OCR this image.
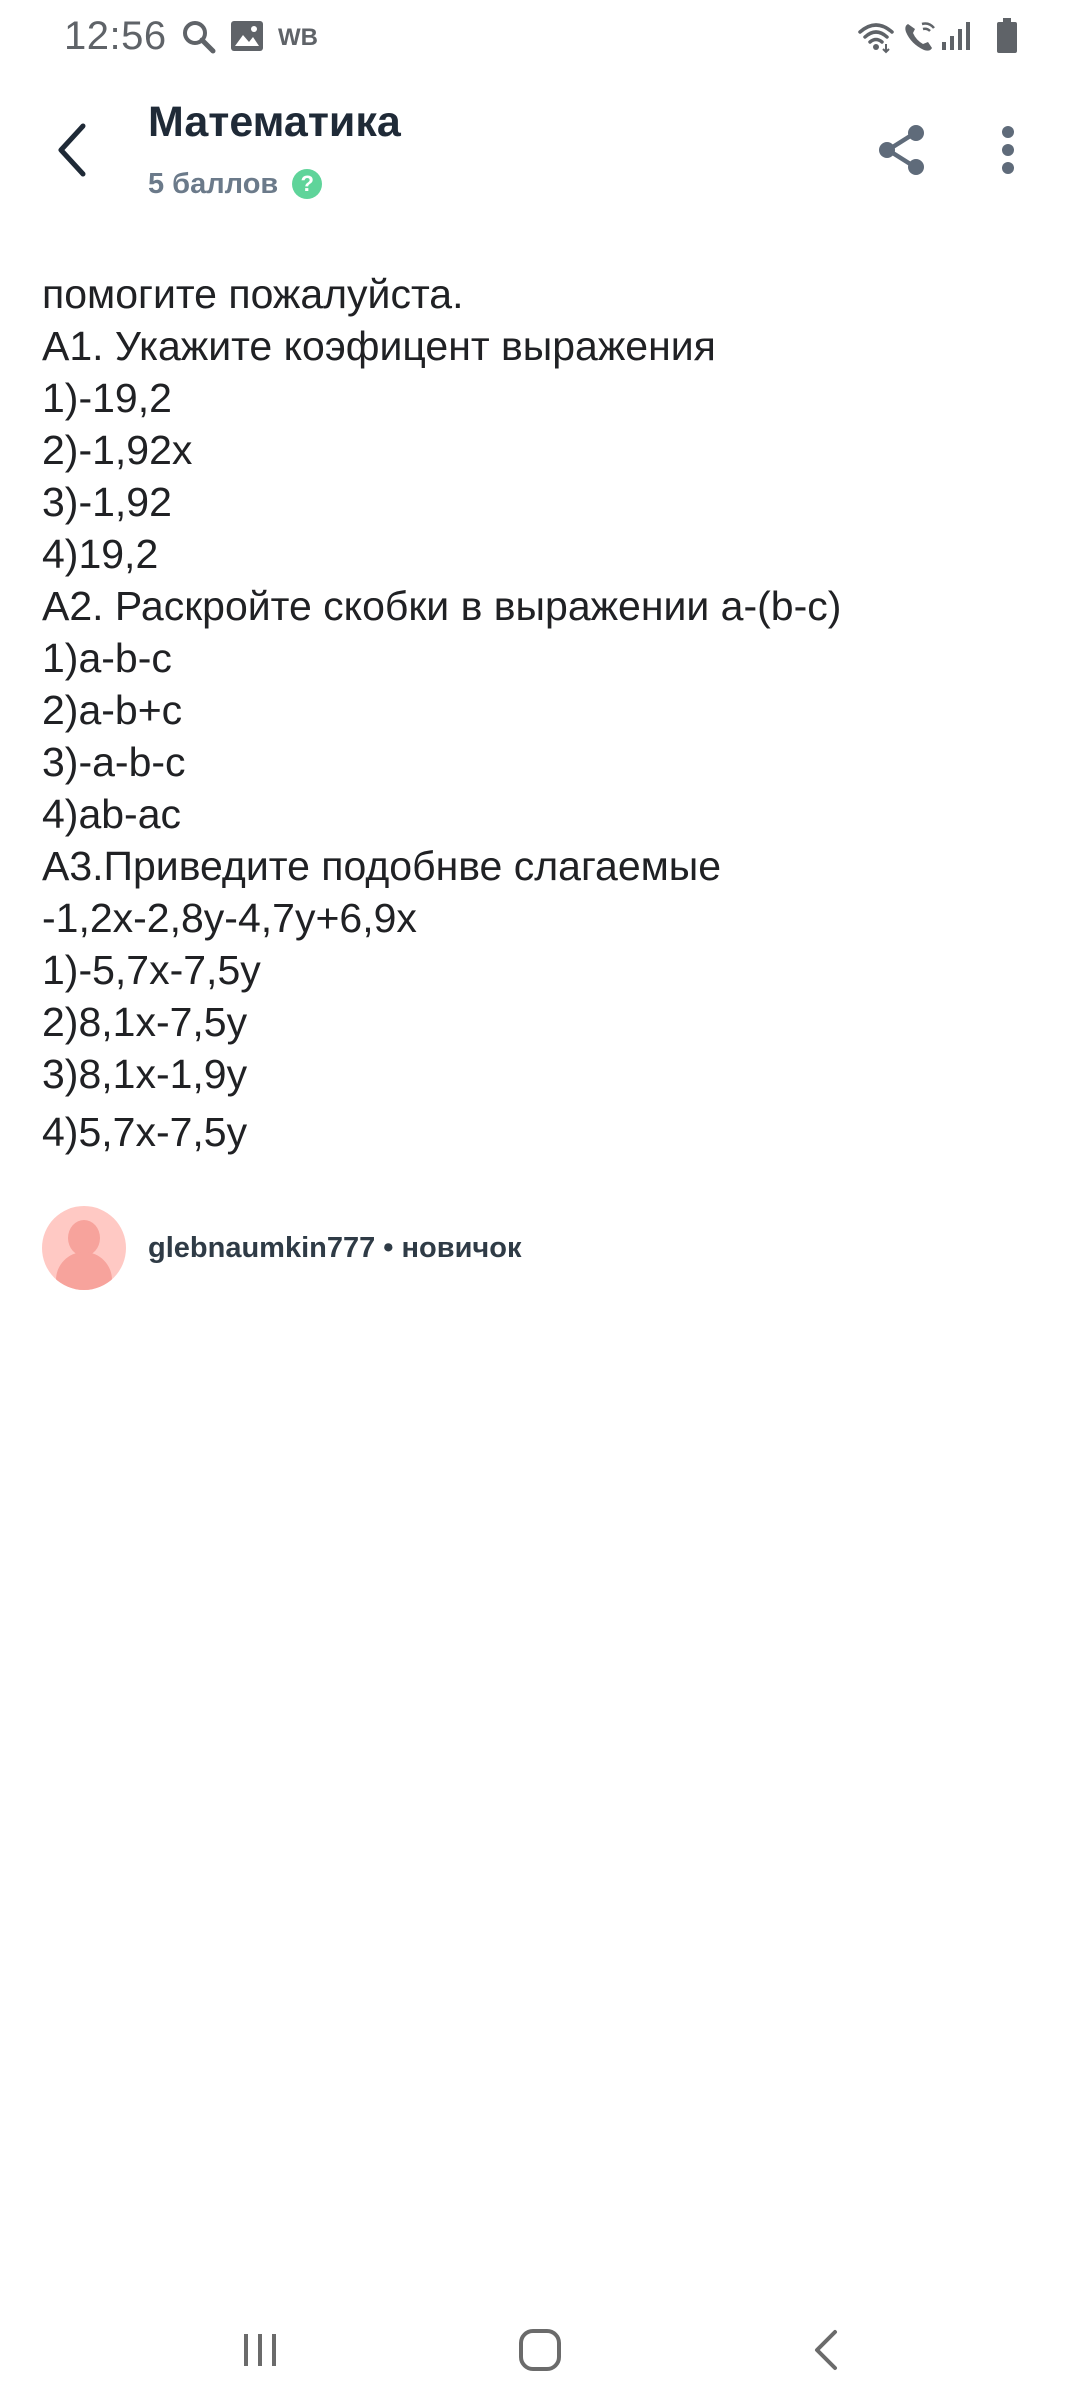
12:56	WB
Математика
5 баллов	?
помогите пожалуйста.
А1. Укажите коэфицент выражения
1)-19,2
2)-1,92x
3)-1,92
4)19,2
А2. Раскройте скобки в выражении a-(b-c)
1)a-b-c
2)a-b+c
3)-a-b-c
4)ab-ac
А3.Приведите подобнве слагаемые
-1,2x-2,8y-4,7y+6,9x
1)-5,7x-7,5y
2)8,1x-7,5y
3)8,1x-1,9y
4)5,7x-7,5y
glebnaumkin777 • новичок
